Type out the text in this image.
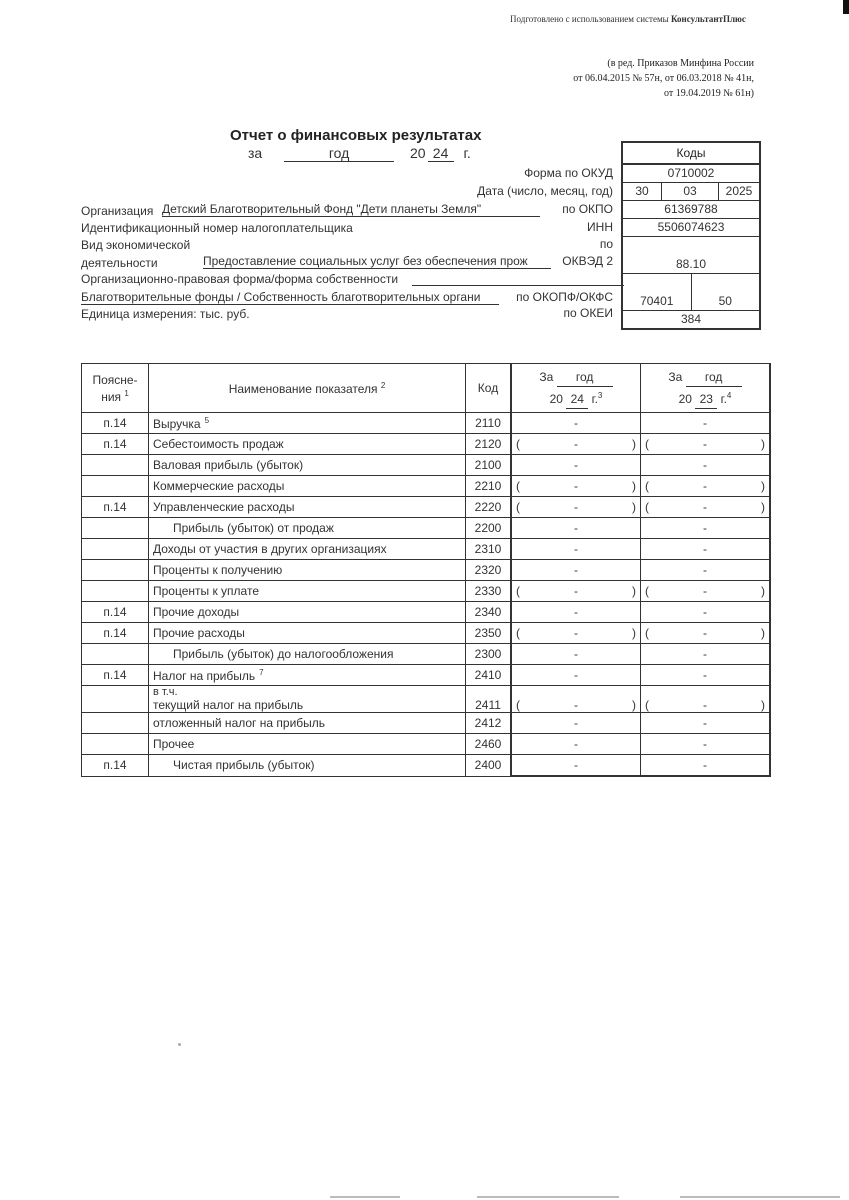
Подготовлено с использованием системы КонсультантПлюс
(в ред. Приказов Минфина России
от 06.04.2015 № 57н, от 06.03.2018 № 41н,
от 19.04.2019 № 61н)
Отчет о финансовых результатах
за	год	20 24 г.
Форма по ОКУД
Дата (число, месяц, год)
Организация Детский Благотворительный Фонд "Дети планеты Земля"	по ОКПО
Идентификационный номер налогоплательщика	ИНН
Вид экономической	по
деятельности	Предоставление социальных услуг без обеспечения прож	ОКВЭД 2
Организационно-правовая форма/форма собственности
Благотворительные фонды / Собственность благотворительных органи	по ОКОПФ/ОКФС
Единица измерения: тыс. руб.	по ОКЕИ
Коды
0710002
30	03	2025
61369788
5506074623
88.10
70401	50
384
Поясне-
ния $^1$	Наименование показателя $^2$	Код	За год
20 24 г.$^3$	За год
20 23 г.$^4$
п.14	Выручка $^5$	2110	-	-
п.14	Себестоимость продаж	2120	( - )	( - )

	Валовая прибыль (убыток)	2100	-	-
	Коммерческие расходы	2210	( - )	( - )

п.14	Управленческие расходы	2220	( - )	( - )

	Прибыль (убыток) от продаж	2200	-	-
	Доходы от участия в других организациях	2310	-	-
	Проценты к получению	2320	-	-
	Проценты к уплате	2330	( - )	( - )

п.14	Прочие доходы	2340	-	-
п.14	Прочие расходы	2350	( - )	( - )

	Прибыль (убыток) до налогообложения	2300	-	-
п.14	Налог на прибыль $^7$	2410	-	-

	в т.ч.
текущий налог на прибыль	2411	( - )	( - )

	отложенный налог на прибыль	2412	-	-
	Прочее	2460	-	-
п.14	Чистая прибыль (убыток)	2400	-	-
